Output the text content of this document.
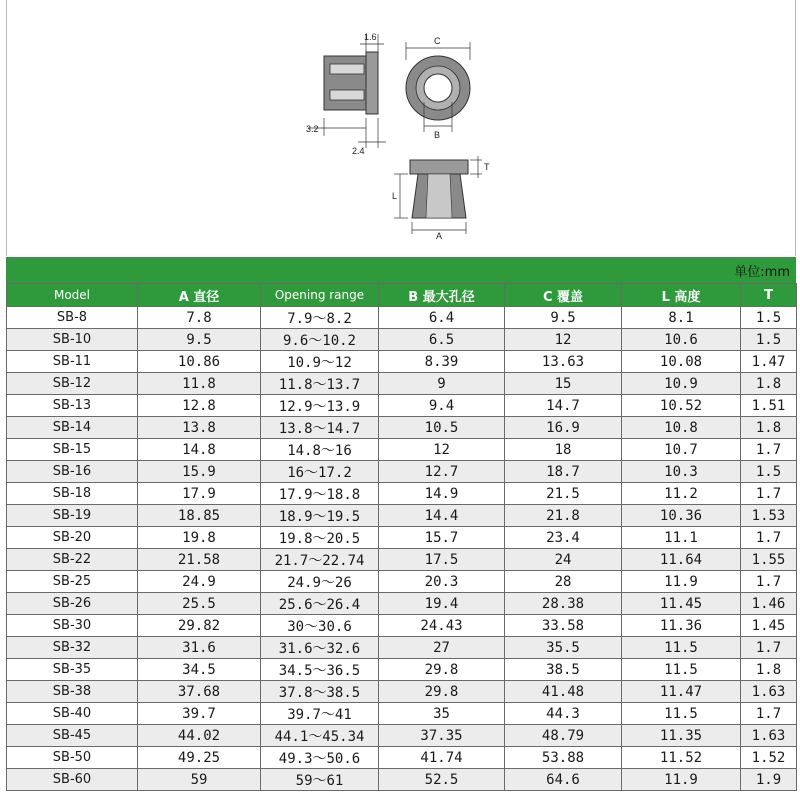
1.6
3.2
2.4
C
B
T
L
A
单位:mm
Model	A 直径	Opening range	B 最大孔径	C 覆盖	L 高度	T
SB-8	7.8	7.9～8.2	6.4	9.5	8.1	1.5
SB-10	9.5	9.6～10.2	6.5	12	10.6	1.5
SB-11	10.86	10.9～12	8.39	13.63	10.08	1.47
SB-12	11.8	11.8～13.7	9	15	10.9	1.8
SB-13	12.8	12.9～13.9	9.4	14.7	10.52	1.51
SB-14	13.8	13.8～14.7	10.5	16.9	10.8	1.8
SB-15	14.8	14.8～16	12	18	10.7	1.7
SB-16	15.9	16～17.2	12.7	18.7	10.3	1.5
SB-18	17.9	17.9～18.8	14.9	21.5	11.2	1.7
SB-19	18.85	18.9～19.5	14.4	21.8	10.36	1.53
SB-20	19.8	19.8～20.5	15.7	23.4	11.1	1.7
SB-22	21.58	21.7～22.74	17.5	24	11.64	1.55
SB-25	24.9	24.9～26	20.3	28	11.9	1.7
SB-26	25.5	25.6～26.4	19.4	28.38	11.45	1.46
SB-30	29.82	30～30.6	24.43	33.58	11.36	1.45
SB-32	31.6	31.6～32.6	27	35.5	11.5	1.7
SB-35	34.5	34.5～36.5	29.8	38.5	11.5	1.8
SB-38	37.68	37.8～38.5	29.8	41.48	11.47	1.63
SB-40	39.7	39.7～41	35	44.3	11.5	1.7
SB-45	44.02	44.1～45.34	37.35	48.79	11.35	1.63
SB-50	49.25	49.3～50.6	41.74	53.88	11.52	1.52
SB-60	59	59～61	52.5	64.6	11.9	1.9
